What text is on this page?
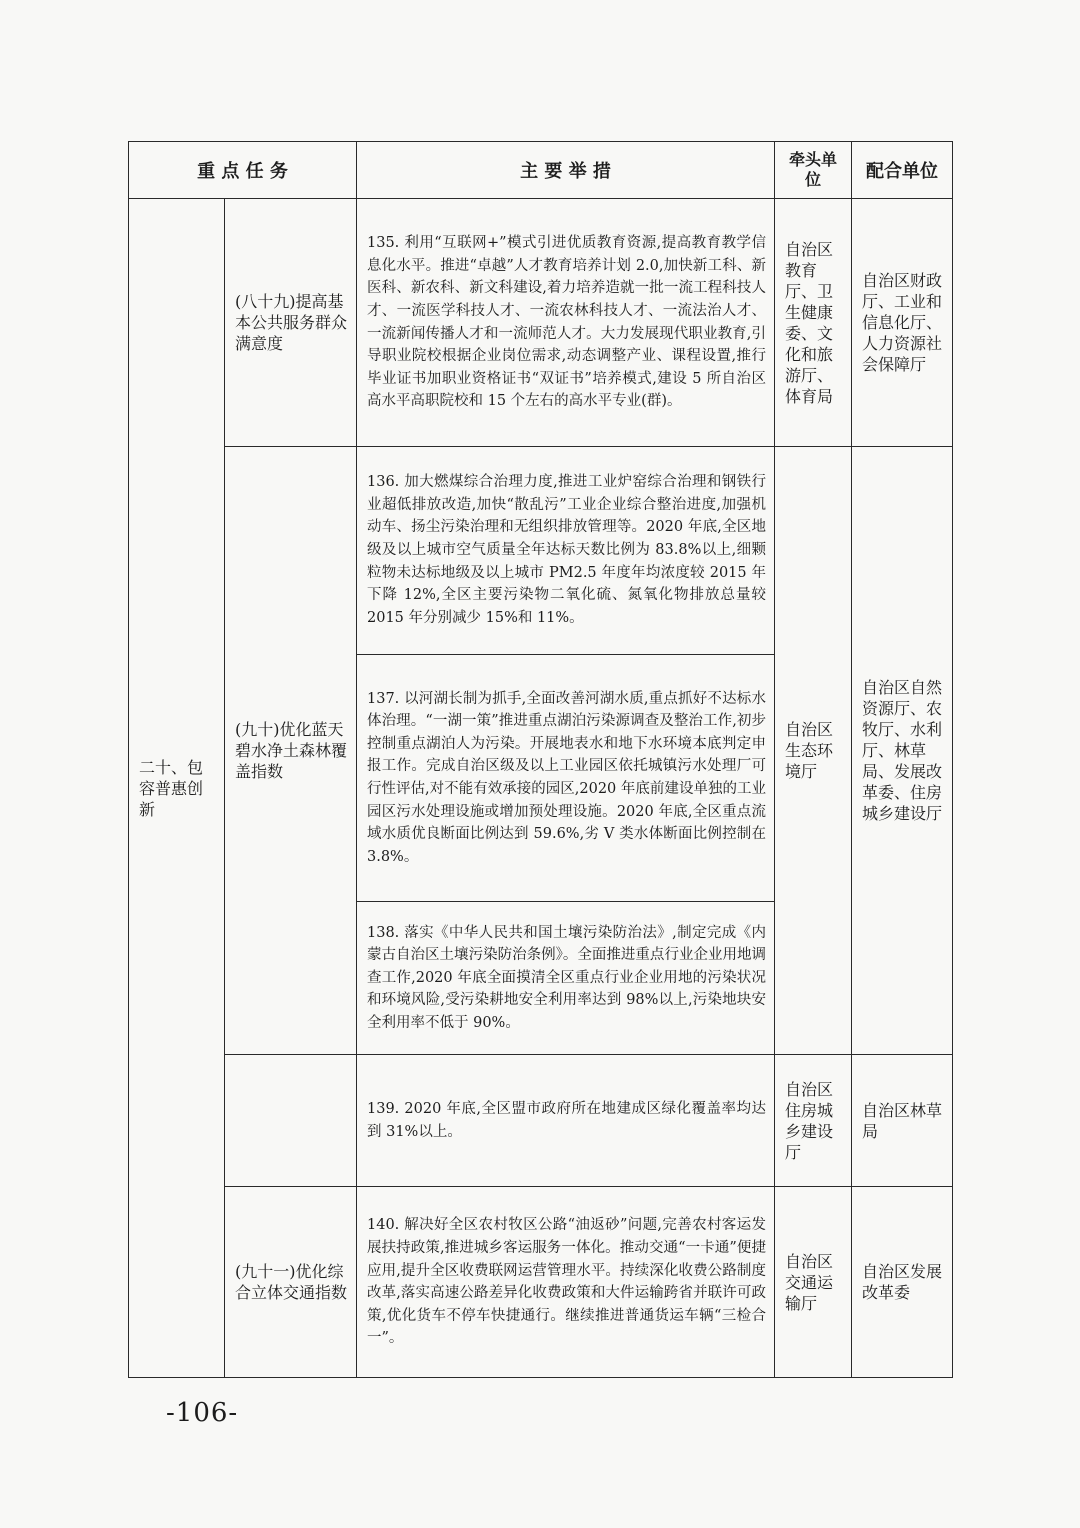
重 点 任 务		主 要 举 措	牵头单位	配合单位
二十、包容普惠创新	(八十九)提高基本公共服务群众满意度	135. 利用“互联网+”模式引进优质教育资源,提高教育教学信息化水平。推进“卓越”人才教育培养计划 2.0,加快新工科、新医科、新农科、新文科建设,着力培养造就一批一流工程科技人才、一流医学科技人才、一流农林科技人才、一流法治人才、一流新闻传播人才和一流师范人才。大力发展现代职业教育,引导职业院校根据企业岗位需求,动态调整产业、课程设置,推行毕业证书加职业资格证书“双证书”培养模式,建设 5 所自治区高水平高职院校和 15 个左右的高水平专业(群)。	自治区教育厅、卫生健康委、文化和旅游厅、体育局	自治区财政厅、工业和信息化厅、人力资源社会保障厅
	(九十)优化蓝天碧水净土森林覆盖指数	136. 加大燃煤综合治理力度,推进工业炉窑综合治理和钢铁行业超低排放改造,加快“散乱污”工业企业综合整治进度,加强机动车、扬尘污染治理和无组织排放管理等。2020 年底,全区地级及以上城市空气质量全年达标天数比例为 83.8%以上,细颗粒物未达标地级及以上城市 PM2.5 年度年均浓度较 2015 年下降 12%,全区主要污染物二氧化硫、氮氧化物排放总量较 2015 年分别减少 15%和 11%。	自治区生态环境厅	自治区自然资源厅、农牧厅、水利厅、林草局、发展改革委、住房城乡建设厅
		137. 以河湖长制为抓手,全面改善河湖水质,重点抓好不达标水体治理。“一湖一策”推进重点湖泊污染源调查及整治工作,初步控制重点湖泊人为污染。开展地表水和地下水环境本底判定申报工作。完成自治区级及以上工业园区依托城镇污水处理厂可行性评估,对不能有效承接的园区,2020 年底前建设单独的工业园区污水处理设施或增加预处理设施。2020 年底,全区重点流域水质优良断面比例达到 59.6%,劣 V 类水体断面比例控制在 3.8%。		
		138. 落实《中华人民共和国土壤污染防治法》,制定完成《内蒙古自治区土壤污染防治条例》。全面推进重点行业企业用地调查工作,2020 年底全面摸清全区重点行业企业用地的污染状况和环境风险,受污染耕地安全利用率达到 98%以上,污染地块安全利用率不低于 90%。		
		139. 2020 年底,全区盟市政府所在地建成区绿化覆盖率均达到 31%以上。	自治区住房城乡建设厅	自治区林草局
	(九十一)优化综合立体交通指数	140. 解决好全区农村牧区公路“油返砂”问题,完善农村客运发展扶持政策,推进城乡客运服务一体化。推动交通“一卡通”便捷应用,提升全区收费联网运营管理水平。持续深化收费公路制度改革,落实高速公路差异化收费政策和大件运输跨省并联许可政策,优化货车不停车快捷通行。继续推进普通货运车辆“三检合一”。	自治区交通运输厅	自治区发展改革委
-106-
